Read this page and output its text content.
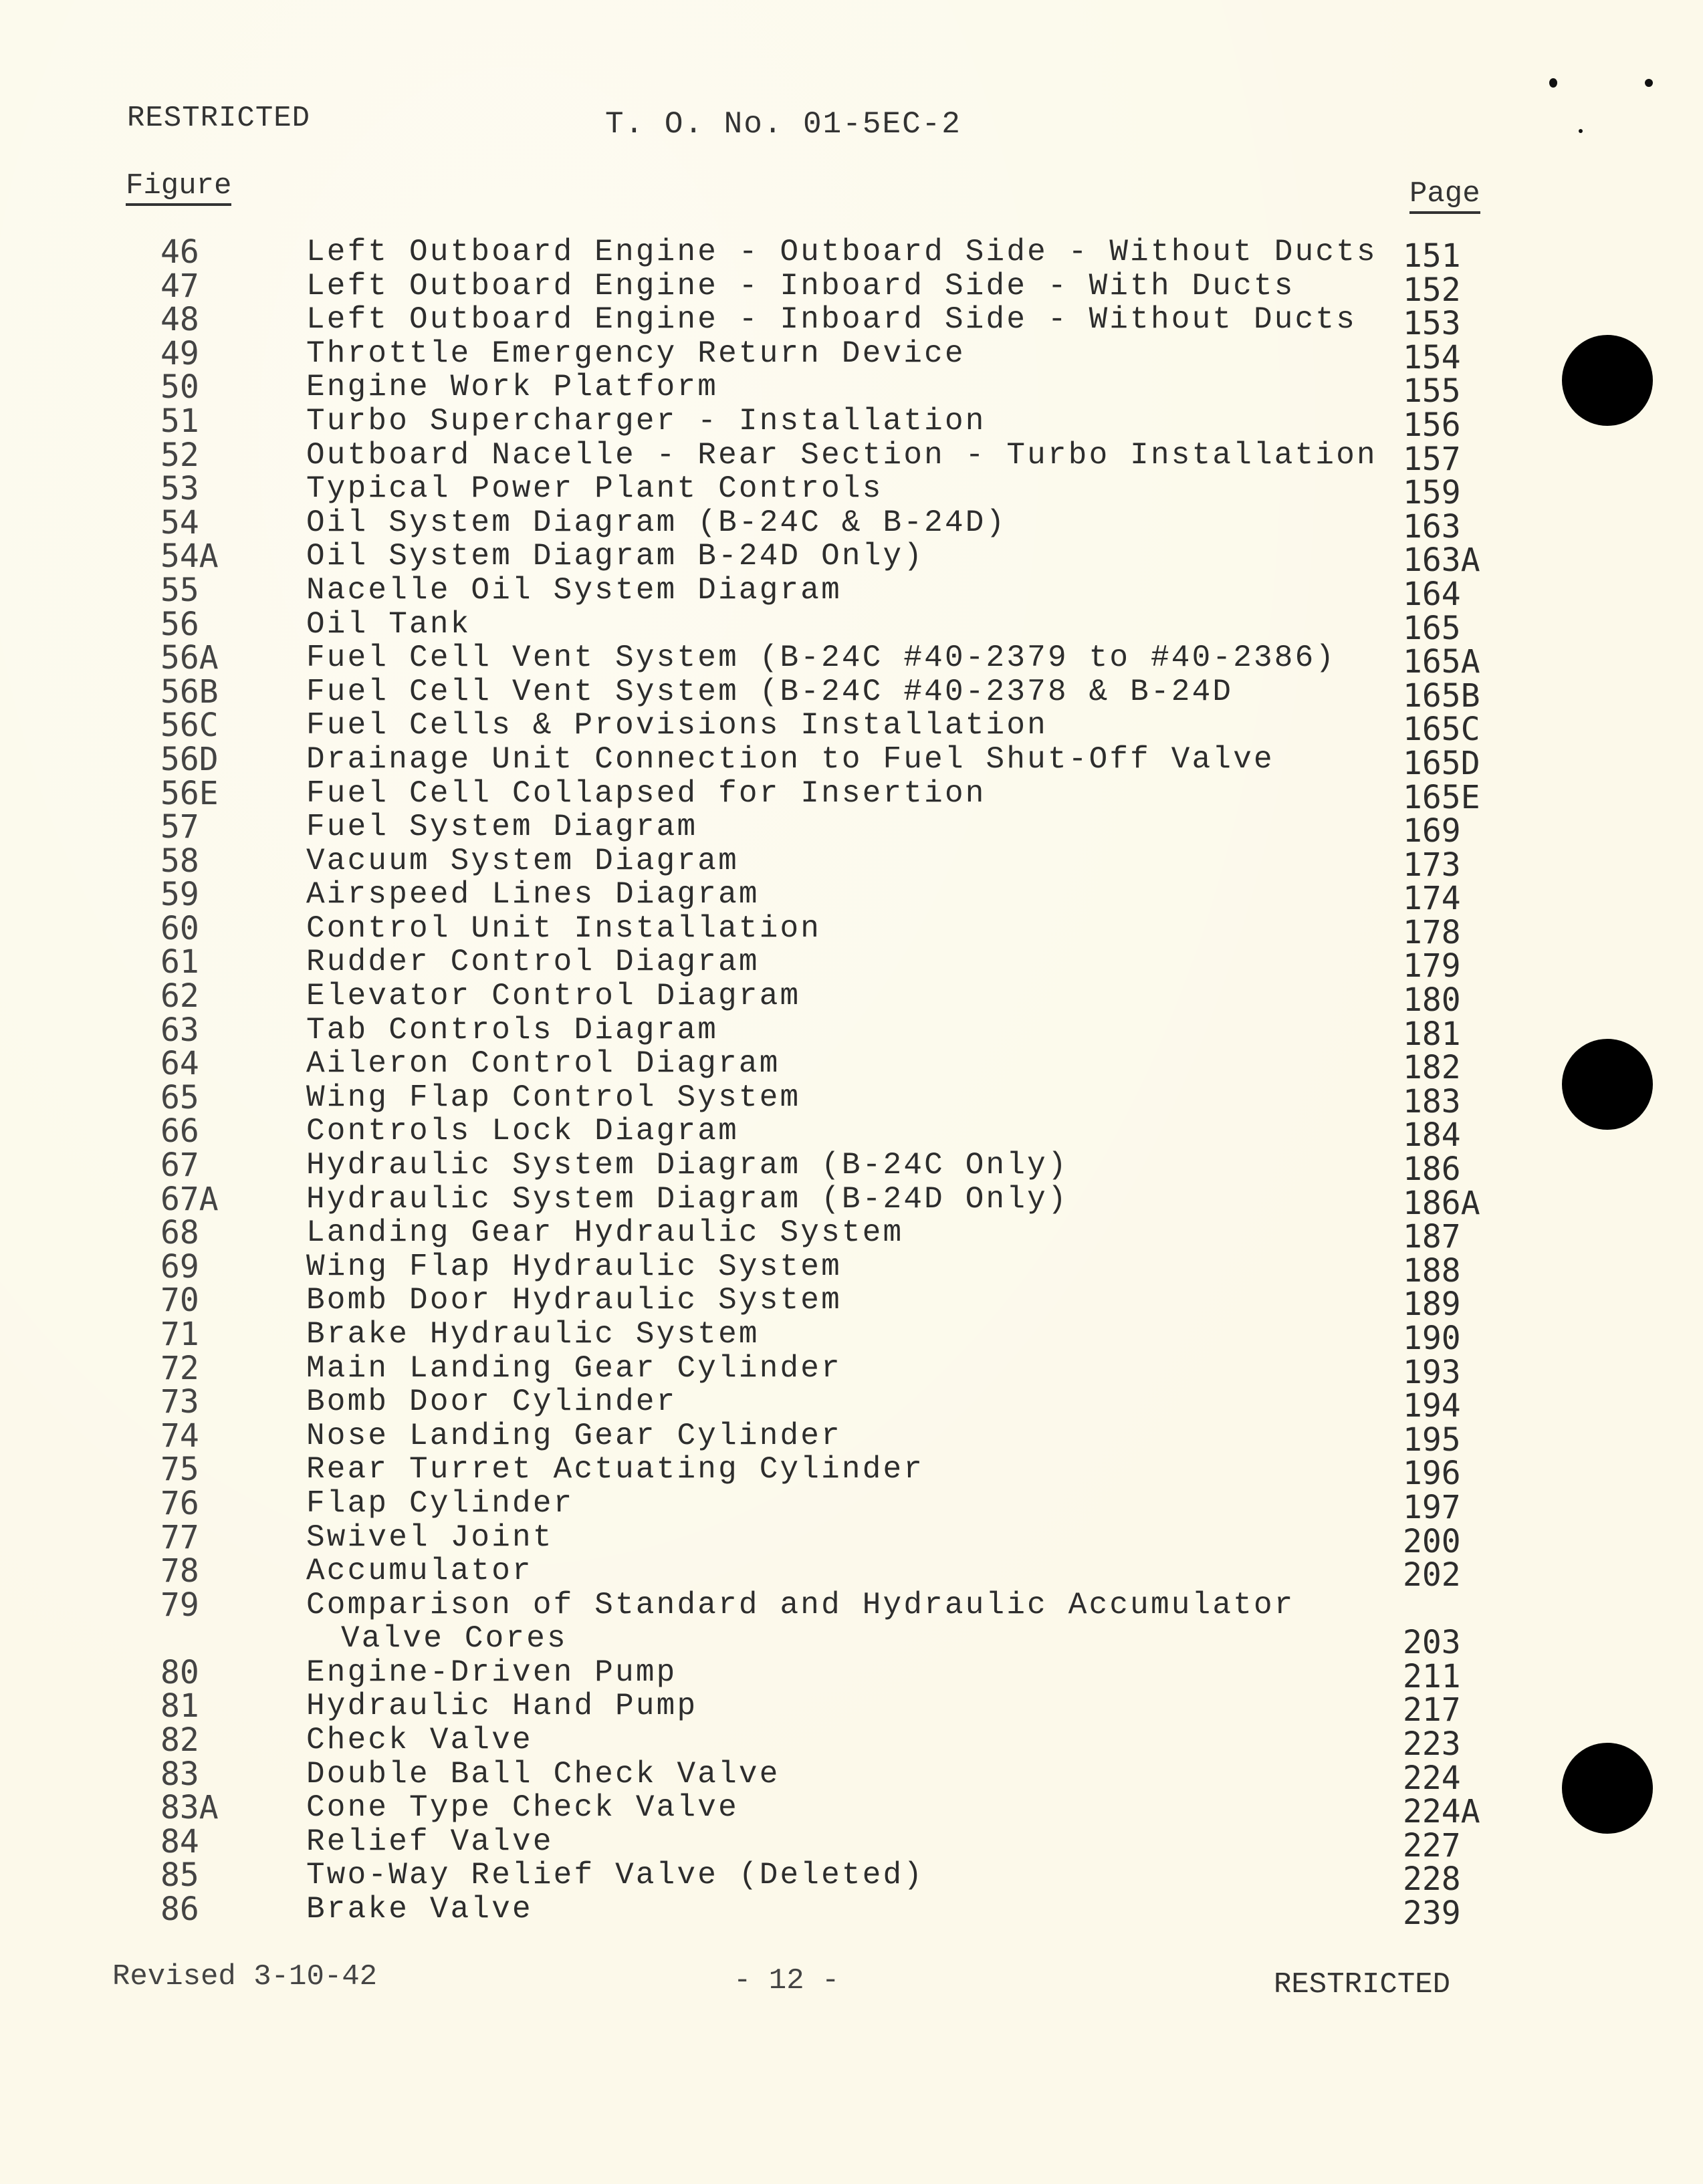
RESTRICTED	T. O. No. 01-5EC-2
Figure	Page
46	Left Outboard Engine - Outboard Side - Without Ducts 151
47	Left Outboard Engine - Inboard Side - With Ducts	152
48	Left Outboard Engine - Inboard Side - Without Ducts 153
49	Throttle Emergency Return Device	154
50	Engine Work Platform	155
51	Turbo Supercharger - Installation	156
52	Outboard Nacelle - Rear Section - Turbo Installation 157
53	Typical Power Plant Controls	159
54	Oil System Diagram (B-24C & B-24D)	163
54A	Oil System Diagram B-24D Only)	163A
55	Nacelle Oil System Diagram	164
56	Oil Tank	165
56A	Fuel Cell Vent System (B-24C #40-2379 to #40-2386) 165A
56B	Fuel Cell Vent System (B-24C #40-2378 & B-24D	165B
56C	Fuel Cells & Provisions Installation	165C
56D	Drainage Unit Connection to Fuel Shut-Off Valve	165D
56E	Fuel Cell Collapsed for Insertion	165E
57	Fuel System Diagram	169
58	Vacuum System Diagram	173
59	Airspeed Lines Diagram	174
60	Control Unit Installation	178
61	Rudder Control Diagram	179
62	Elevator Control Diagram	180
63	Tab Controls Diagram	181
64	Aileron Control Diagram	182
65	Wing Flap Control System	183
66	Controls Lock Diagram	184
67	Hydraulic System Diagram (B-24C Only)	186
67A	Hydraulic System Diagram (B-24D Only)	186A
68	Landing Gear Hydraulic System	187
69	Wing Flap Hydraulic System	188
70	Bomb Door Hydraulic System	189
71	Brake Hydraulic System	190
72	Main Landing Gear Cylinder	193
73	Bomb Door Cylinder	194
74	Nose Landing Gear Cylinder	195
75	Rear Turret Actuating Cylinder	196
76	Flap Cylinder	197
77	Swivel Joint	200
78	Accumulator	202
79	Comparison of Standard and Hydraulic Accumulator
Valve Cores	203
80	Engine-Driven Pump	211
81	Hydraulic Hand Pump	217
82	Check Valve	223
83	Double Ball Check Valve	224
83A	Cone Type Check Valve	224A
84	Relief Valve	227
85	Two-Way Relief Valve (Deleted)	228
86	Brake Valve	239
Revised 3-10-42	- 12 -	RESTRICTED
